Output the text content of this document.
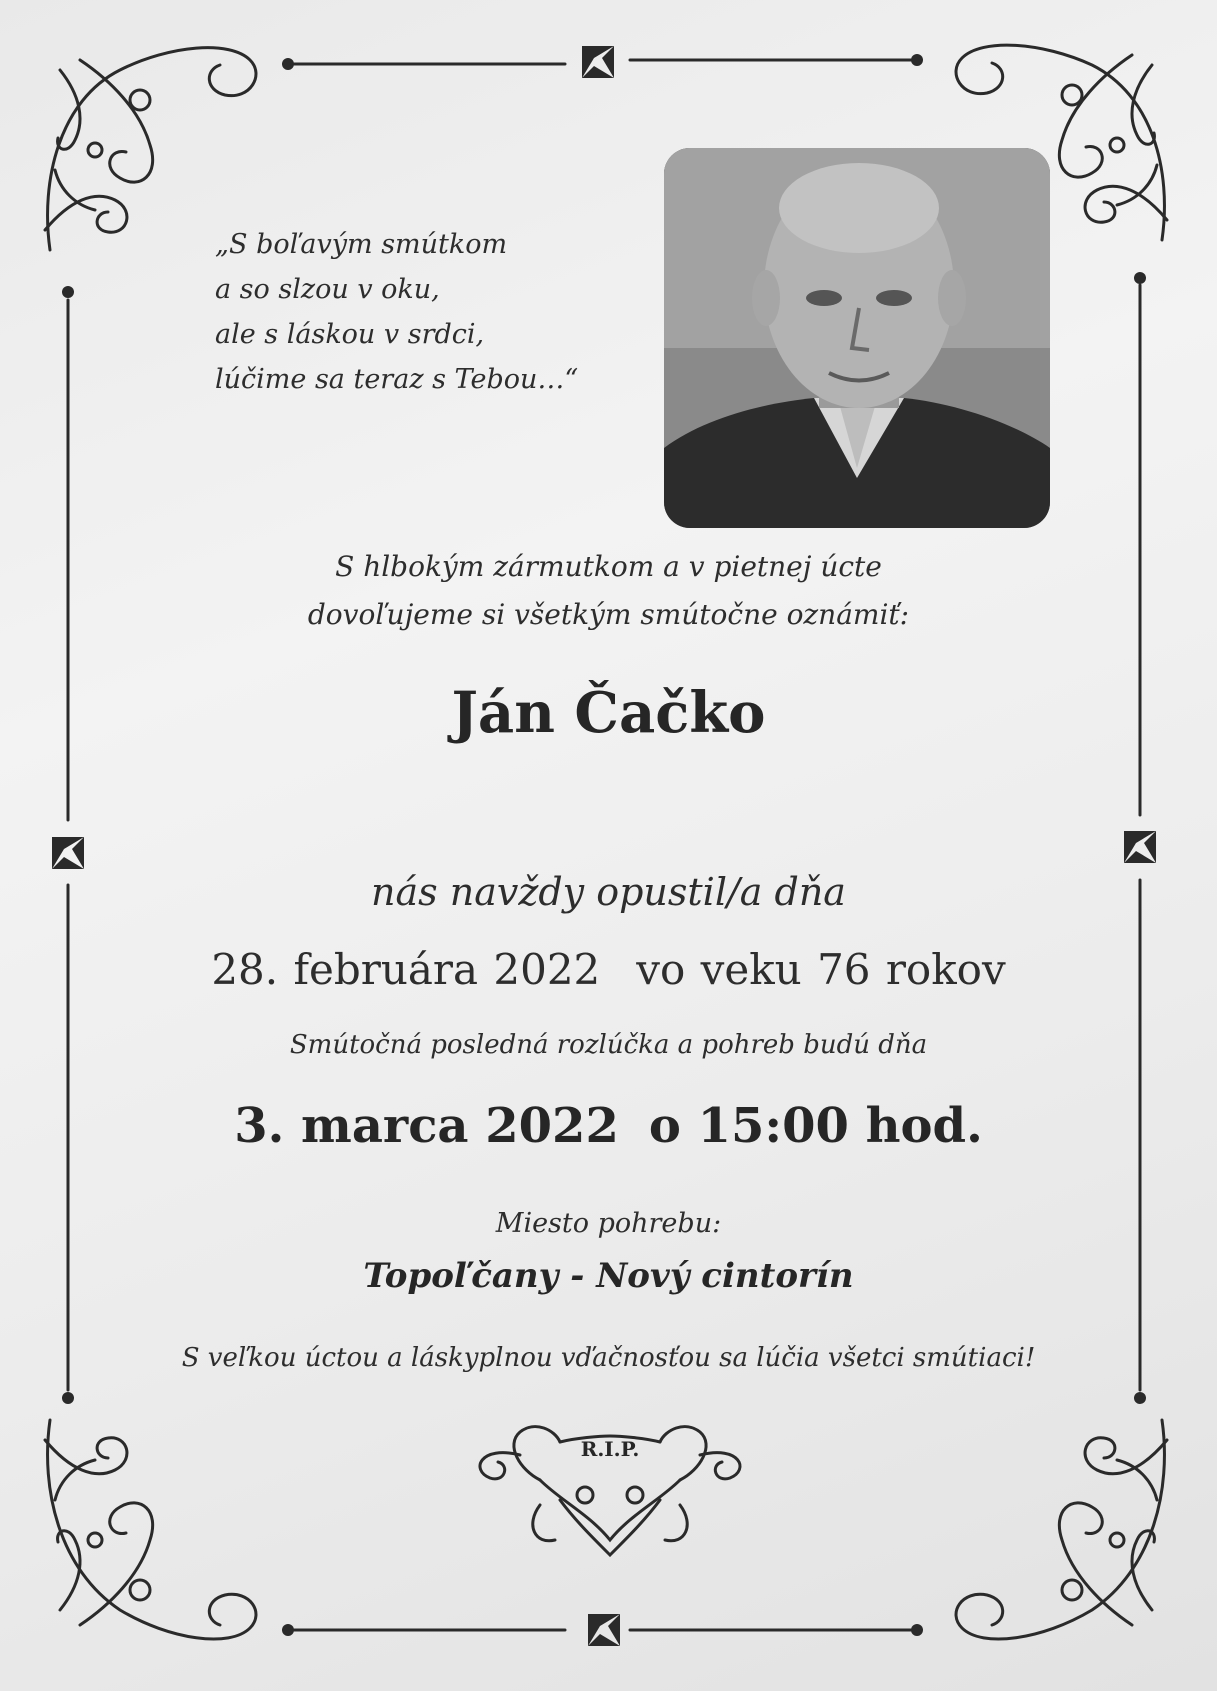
„S boľavým smútkom
a so slzou v oku,
ale s láskou v srdci,
lúčime sa teraz s Tebou…“
S hlbokým zármutkom a v pietnej úcte
dovoľujeme si všetkým smútočne oznámiť:
Ján Čačko
nás navždy opustil/a dňa
28. februára 2022 vo veku 76 rokov
Smútočná posledná rozlúčka a pohreb budú dňa
3. marca 2022 o 15:00 hod.
Miesto pohrebu:
Topoľčany - Nový cintorín
S veľkou úctou a láskyplnou vďačnosťou sa lúčia všetci smútiaci!
R.I.P.
